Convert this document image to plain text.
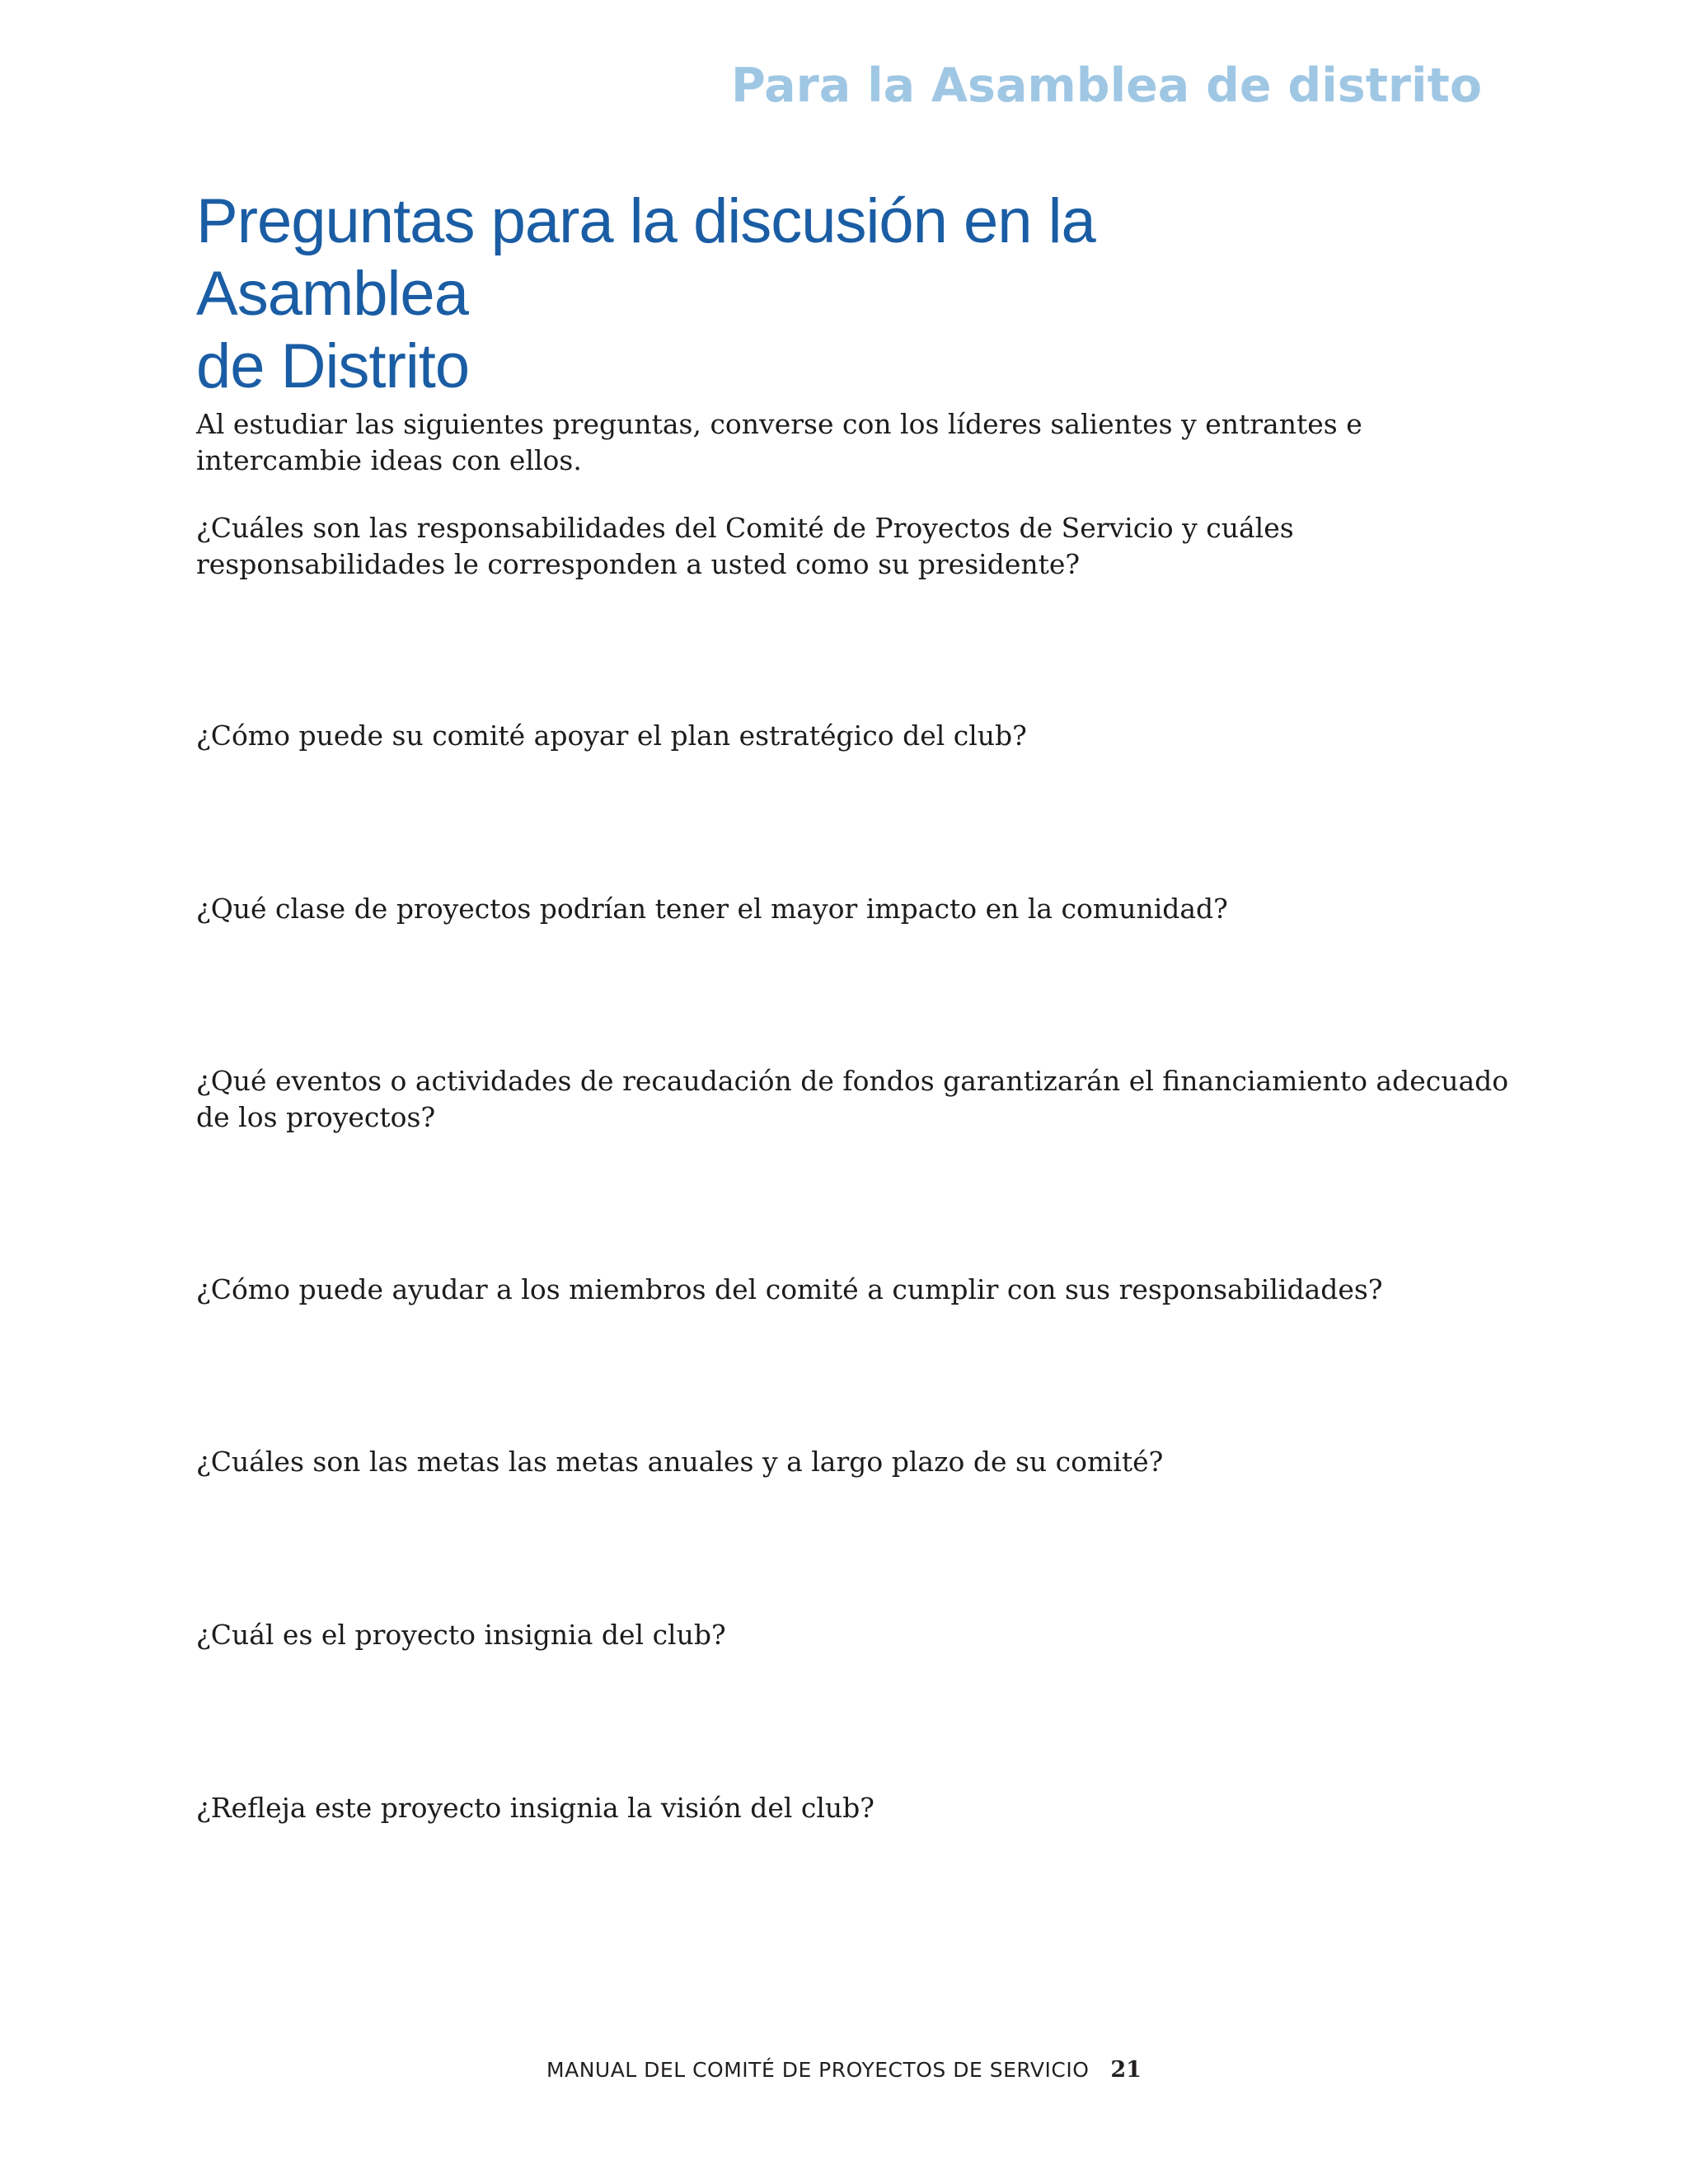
Para la Asamblea de distrito
Preguntas para la discusión en la Asamblea
de Distrito

Al estudiar las siguientes preguntas, converse con los líderes salientes y entrantes e intercambie ideas con ellos.

¿Cuáles son las responsabilidades del Comité de Proyectos de Servicio y cuáles responsabilidades le corresponden a usted como su presidente?

¿Cómo puede su comité apoyar el plan estratégico del club?

¿Qué clase de proyectos podrían tener el mayor impacto en la comunidad?

¿Qué eventos o actividades de recaudación de fondos garantizarán el financiamiento adecuado de los proyectos?

¿Cómo puede ayudar a los miembros del comité a cumplir con sus responsabilidades?

¿Cuáles son las metas las metas anuales y a largo plazo de su comité?

¿Cuál es el proyecto insignia del club?

¿Refleja este proyecto insignia la visión del club?

MANUAL DEL COMITÉ DE PROYECTOS DE SERVICIO 21
